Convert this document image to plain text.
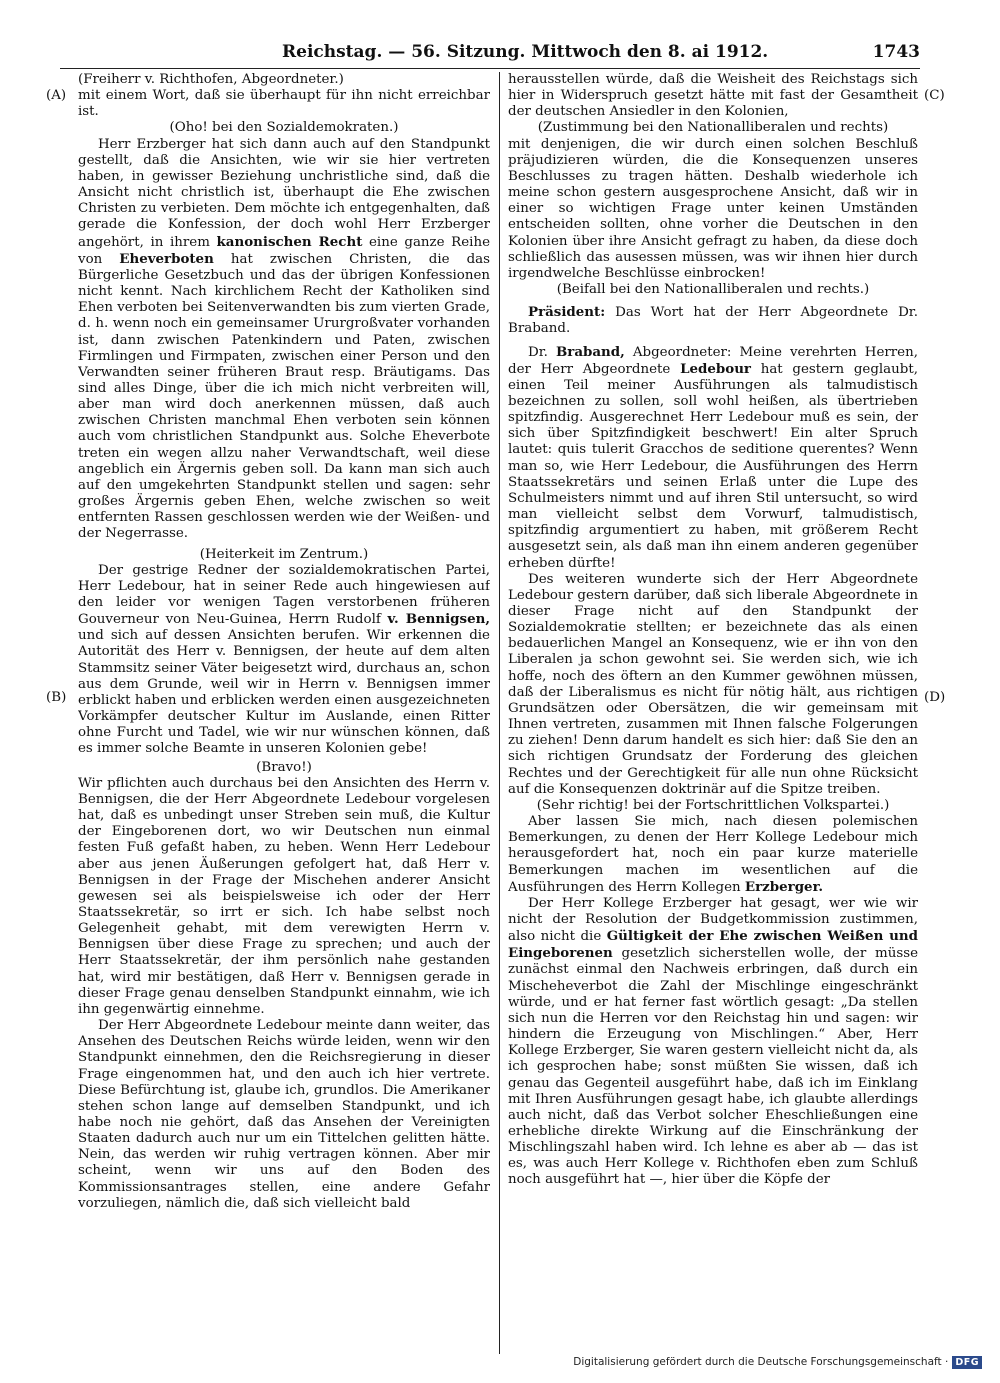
Reichstag. — 56. Sitzung. Mittwoch den 8. ai 1912.	1743
(A)
(B)
(C)
(D)

(Freiherr v. Richthofen, Abgeordneter.)

mit einem Wort, daß sie überhaupt für ihn nicht erreichbar ist.

(Oho! bei den Sozialdemokraten.)

Herr Erzberger hat sich dann auch auf den Standpunkt gestellt, daß die Ansichten, wie wir sie hier vertreten haben, in gewisser Beziehung unchristliche sind, daß die Ansicht nicht christlich ist, überhaupt die Ehe zwischen Christen zu verbieten. Dem möchte ich entgegenhalten, daß gerade die Konfession, der doch wohl Herr Erzberger angehört, in ihrem kanonischen Recht eine ganze Reihe von Eheverboten hat zwischen Christen, die das Bürgerliche Gesetzbuch und das der übrigen Konfessionen nicht kennt. Nach kirchlichem Recht der Katholiken sind Ehen verboten bei Seitenverwandten bis zum vierten Grade, d. h. wenn noch ein gemeinsamer Ururgroßvater vorhanden ist, dann zwischen Patenkindern und Paten, zwischen Firmlingen und Firmpaten, zwischen einer Person und den Verwandten seiner früheren Braut resp. Bräutigams. Das sind alles Dinge, über die ich mich nicht verbreiten will, aber man wird doch anerkennen müssen, daß auch zwischen Christen manchmal Ehen verboten sein können auch vom christlichen Standpunkt aus. Solche Eheverbote treten ein wegen allzu naher Verwandtschaft, weil diese angeblich ein Ärgernis geben soll. Da kann man sich auch auf den umgekehrten Standpunkt stellen und sagen: sehr großes Ärgernis geben Ehen, welche zwischen so weit entfernten Rassen geschlossen werden wie der Weißen- und der Negerrasse.

(Heiterkeit im Zentrum.)

Der gestrige Redner der sozialdemokratischen Partei, Herr Ledebour, hat in seiner Rede auch hingewiesen auf den leider vor wenigen Tagen verstorbenen früheren Gouverneur von Neu-Guinea, Herrn Rudolf v. Bennigsen, und sich auf dessen Ansichten berufen. Wir erkennen die Autorität des Herr v. Bennigsen, der heute auf dem alten Stammsitz seiner Väter beigesetzt wird, durchaus an, schon aus dem Grunde, weil wir in Herrn v. Bennigsen immer erblickt haben und erblicken werden einen ausgezeichneten Vorkämpfer deutscher Kultur im Auslande, einen Ritter ohne Furcht und Tadel, wie wir nur wünschen können, daß es immer solche Beamte in unseren Kolonien gebe!

(Bravo!)

Wir pflichten auch durchaus bei den Ansichten des Herrn v. Bennigsen, die der Herr Abgeordnete Ledebour vorgelesen hat, daß es unbedingt unser Streben sein muß, die Kultur der Eingeborenen dort, wo wir Deutschen nun einmal festen Fuß gefaßt haben, zu heben. Wenn Herr Ledebour aber aus jenen Äußerungen gefolgert hat, daß Herr v. Bennigsen in der Frage der Mischehen anderer Ansicht gewesen sei als beispielsweise ich oder der Herr Staatssekretär, so irrt er sich. Ich habe selbst noch Gelegenheit gehabt, mit dem verewigten Herrn v. Bennigsen über diese Frage zu sprechen; und auch der Herr Staatssekretär, der ihm persönlich nahe gestanden hat, wird mir bestätigen, daß Herr v. Bennigsen gerade in dieser Frage genau denselben Standpunkt einnahm, wie ich ihn gegenwärtig einnehme.

Der Herr Abgeordnete Ledebour meinte dann weiter, das Ansehen des Deutschen Reichs würde leiden, wenn wir den Standpunkt einnehmen, den die Reichsregierung in dieser Frage eingenommen hat, und den auch ich hier vertrete. Diese Befürchtung ist, glaube ich, grundlos. Die Amerikaner stehen schon lange auf demselben Standpunkt, und ich habe noch nie gehört, daß das Ansehen der Vereinigten Staaten dadurch auch nur um ein Tittelchen gelitten hätte. Nein, das werden wir ruhig vertragen können. Aber mir scheint, wenn wir uns auf den Boden des Kommissionsantrages stellen, eine andere Gefahr vorzuliegen, nämlich die, daß sich vielleicht bald

herausstellen würde, daß die Weisheit des Reichstags sich hier in Widerspruch gesetzt hätte mit fast der Gesamtheit der deutschen Ansiedler in den Kolonien,

(Zustimmung bei den Nationalliberalen und rechts)

mit denjenigen, die wir durch einen solchen Beschluß präjudizieren würden, die die Konsequenzen unseres Beschlusses zu tragen hätten. Deshalb wiederhole ich meine schon gestern ausgesprochene Ansicht, daß wir in einer so wichtigen Frage unter keinen Umständen entscheiden sollten, ohne vorher die Deutschen in den Kolonien über ihre Ansicht gefragt zu haben, da diese doch schließlich das ausessen müssen, was wir ihnen hier durch irgendwelche Beschlüsse einbrocken!

(Beifall bei den Nationalliberalen und rechts.)

Präsident: Das Wort hat der Herr Abgeordnete Dr. Braband.

Dr. Braband, Abgeordneter: Meine verehrten Herren, der Herr Abgeordnete Ledebour hat gestern geglaubt, einen Teil meiner Ausführungen als talmudistisch bezeichnen zu sollen, soll wohl heißen, als übertrieben spitzfindig. Ausgerechnet Herr Ledebour muß es sein, der sich über Spitzfindigkeit beschwert! Ein alter Spruch lautet: quis tulerit Gracchos de seditione querentes? Wenn man so, wie Herr Ledebour, die Ausführungen des Herrn Staatssekretärs und seinen Erlaß unter die Lupe des Schulmeisters nimmt und auf ihren Stil untersucht, so wird man vielleicht selbst dem Vorwurf, talmudistisch, spitzfindig argumentiert zu haben, mit größerem Recht ausgesetzt sein, als daß man ihn einem anderen gegenüber erheben dürfte!

Des weiteren wunderte sich der Herr Abgeordnete Ledebour gestern darüber, daß sich liberale Abgeordnete in dieser Frage nicht auf den Standpunkt der Sozialdemokratie stellten; er bezeichnete das als einen bedauerlichen Mangel an Konsequenz, wie er ihn von den Liberalen ja schon gewohnt sei. Sie werden sich, wie ich hoffe, noch des öftern an den Kummer gewöhnen müssen, daß der Liberalismus es nicht für nötig hält, aus richtigen Grundsätzen oder Obersätzen, die wir gemeinsam mit Ihnen vertreten, zusammen mit Ihnen falsche Folgerungen zu ziehen! Denn darum handelt es sich hier: daß Sie den an sich richtigen Grundsatz der Forderung des gleichen Rechtes und der Gerechtigkeit für alle nun ohne Rücksicht auf die Konsequenzen doktrinär auf die Spitze treiben.

(Sehr richtig! bei der Fortschrittlichen Volkspartei.)

Aber lassen Sie mich, nach diesen polemischen Bemerkungen, zu denen der Herr Kollege Ledebour mich herausgefordert hat, noch ein paar kurze materielle Bemerkungen machen im wesentlichen auf die Ausführungen des Herrn Kollegen Erzberger.

Der Herr Kollege Erzberger hat gesagt, wer wie wir nicht der Resolution der Budgetkommission zustimmen, also nicht die Gültigkeit der Ehe zwischen Weißen und Eingeborenen gesetzlich sicherstellen wolle, der müsse zunächst einmal den Nachweis erbringen, daß durch ein Mischeheverbot die Zahl der Mischlinge eingeschränkt würde, und er hat ferner fast wörtlich gesagt: „Da stellen sich nun die Herren vor den Reichstag hin und sagen: wir hindern die Erzeugung von Mischlingen.“ Aber, Herr Kollege Erzberger, Sie waren gestern vielleicht nicht da, als ich gesprochen habe; sonst müßten Sie wissen, daß ich genau das Gegenteil ausgeführt habe, daß ich im Einklang mit Ihren Ausführungen gesagt habe, ich glaubte allerdings auch nicht, daß das Verbot solcher Eheschließungen eine erhebliche direkte Wirkung auf die Einschränkung der Mischlingszahl haben wird. Ich lehne es aber ab — das ist es, was auch Herr Kollege v. Richthofen eben zum Schluß noch ausgeführt hat —, hier über die Köpfe der

Digitalisierung gefördert durch die Deutsche Forschungsgemeinschaft · DFG
